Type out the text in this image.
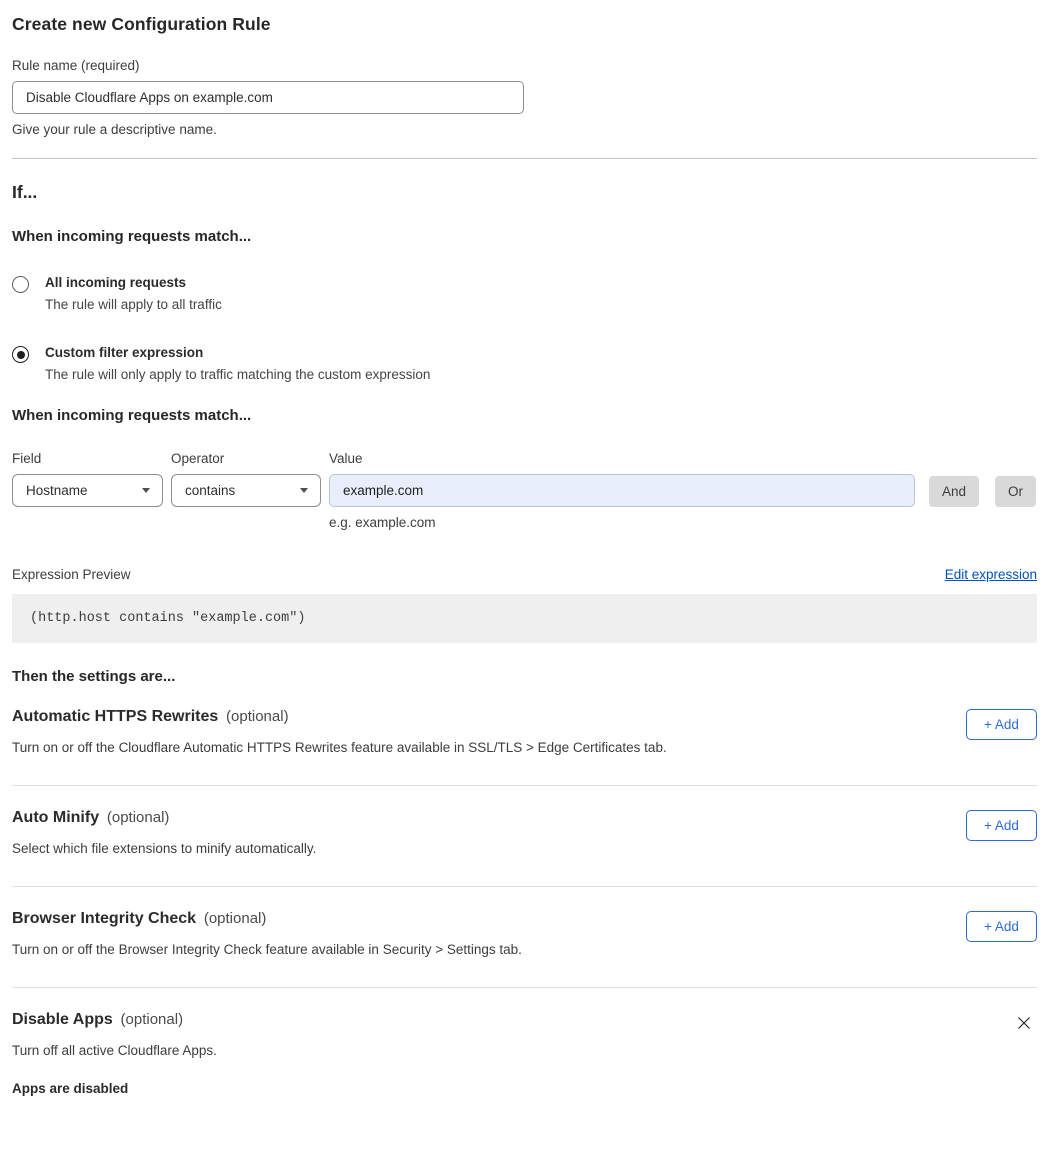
Create new Configuration Rule
Rule name (required)
Disable Cloudflare Apps on example.com
Give your rule a descriptive name.
If...
When incoming requests match...
All incoming requests
The rule will apply to all traffic
Custom filter expression
The rule will only apply to traffic matching the custom expression
When incoming requests match...
Field
Hostname
Operator
contains
Value
example.com
e.g. example.com
And	Or
Expression Preview	Edit expression
(http.host contains "example.com")
Then the settings are...
Automatic HTTPS Rewrites (optional)
Turn on or off the Cloudflare Automatic HTTPS Rewrites feature available in SSL/TLS > Edge Certificates tab.
+ Add
Auto Minify (optional)
Select which file extensions to minify automatically.
+ Add
Browser Integrity Check (optional)
Turn on or off the Browser Integrity Check feature available in Security > Settings tab.
+ Add
Disable Apps (optional)
Turn off all active Cloudflare Apps.
Apps are disabled
